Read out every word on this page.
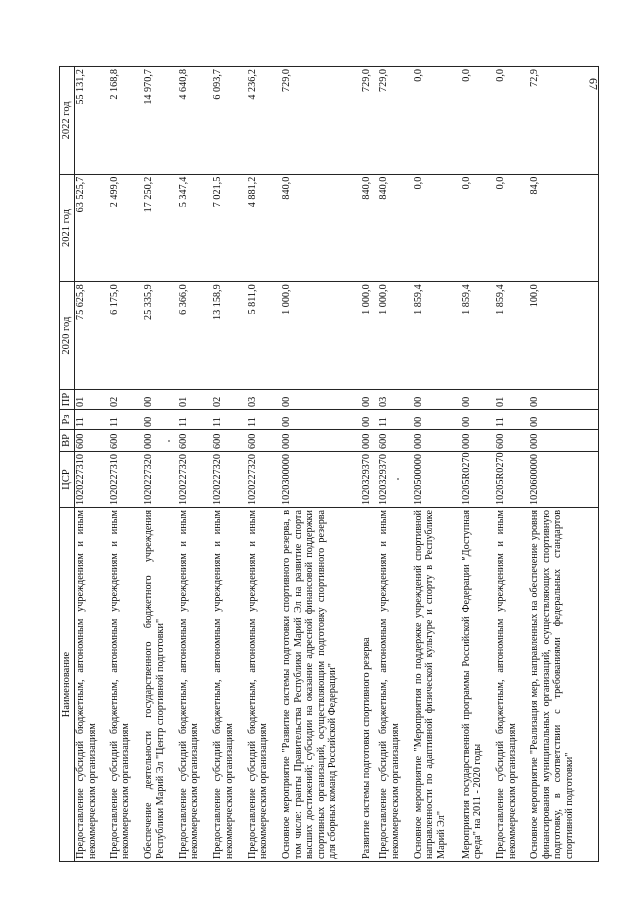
67
Наименование	ЦСР	ВР	Рз	ПР	2020 год	2021 год	2022 год
Предоставление субсидий бюджетным, автономным учреждениям и иным некоммерческим организациям	1020227310	600	11	01	75 625,8	63 525,7	55 131,2
Предоставление субсидий бюджетным, автономным учреждениям и иным некоммерческим организациям	1020227310	600	11	02	6 175,0	2 499,0	2 168,8
Обеспечение деятельности государственного бюджетного учреждения Республики Марий Эл "Центр спортивной подготовки"	1020227320	000	00	00	25 335,9	17 250,2	14 970,7
Предоставление субсидий бюджетным, автономным учреждениям и иным некоммерческим организациям	1020227320	600	11	01	6 366,0	5 347,4	4 640,8
Предоставление субсидий бюджетным, автономным учреждениям и иным некоммерческим организациям	1020227320	600	11	02	13 158,9	7 021,5	6 093,7
Предоставление субсидий бюджетным, автономным учреждениям и иным некоммерческим организациям	1020227320	600	11	03	5 811,0	4 881,2	4 236,2
Основное мероприятие "Развитие системы подготовки спортивного резерва, в том числе: гранты Правительства Республики Марий Эл на развитие спорта высших достижений; субсидии на оказание адресной финансовой поддержки спортивных организаций, осуществляющим подготовку спортивного резерва для сборных команд Российской Федерации"	1020300000	000	00	00	1 000,0	840,0	729,0
Развитие системы подготовки спортивного резерва	1020329370	000	00	00	1 000,0	840,0	729,0
Предоставление субсидий бюджетным, автономным учреждениям и иным некоммерческим организациям	1020329370	600	11	03	1 000,0	840,0	729,0
Основное мероприятие "Мероприятия по поддержке учреждений спортивной направленности по адаптивной физической культуре и спорту в Республике Марий Эл"	1020500000	000	00	00	1 859,4	0,0	0,0
Мероприятия государственной программы Российской Федерации "Доступная среда" на 2011 - 2020 годы	10205R0270	000	00	00	1 859,4	0,0	0,0
Предоставление субсидий бюджетным, автономным учреждениям и иным некоммерческим организациям	10205R0270	600	11	01	1 859,4	0,0	0,0
Основное мероприятие "Реализация мер, направленных на обеспечение уровня финансирования муниципальных организаций, осуществляющих спортивную подготовку, в соответствии с требованиями федеральных стандартов спортивной подготовки"	1020600000	000	00	00	100,0	84,0	72,9
